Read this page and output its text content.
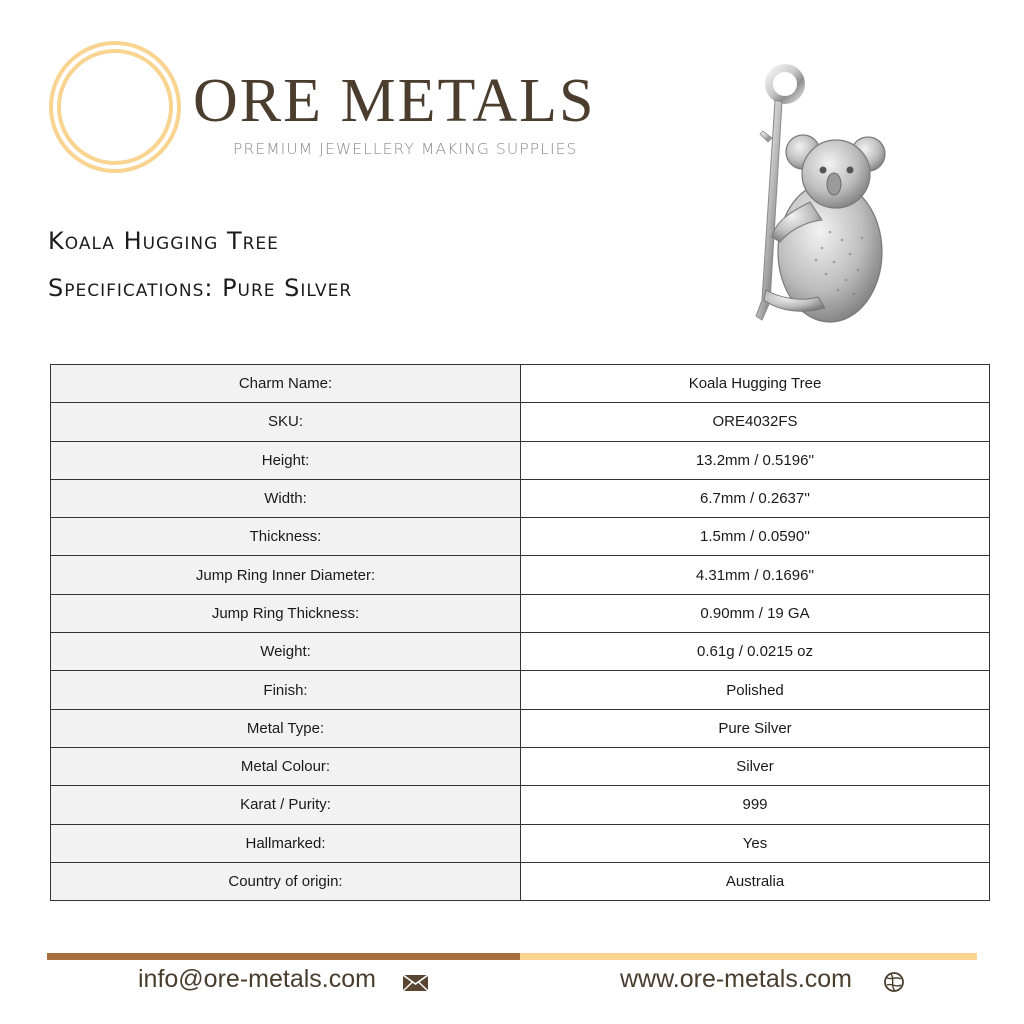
ORE METALS
PREMIUM JEWELLERY MAKING SUPPLIES
Koala Hugging Tree
Specifications: Pure Silver
Charm Name:	Koala Hugging Tree
SKU:	ORE4032FS
Height:	13.2mm / 0.5196''
Width:	6.7mm / 0.2637''
Thickness:	1.5mm / 0.0590''
Jump Ring Inner Diameter:	4.31mm / 0.1696''
Jump Ring Thickness:	0.90mm / 19 GA
Weight:	0.61g / 0.0215 oz
Finish:	Polished
Metal Type:	Pure Silver
Metal Colour:	Silver
Karat / Purity:	999
Hallmarked:	Yes
Country of origin:	Australia
info@ore-metals.com	www.ore-metals.com
